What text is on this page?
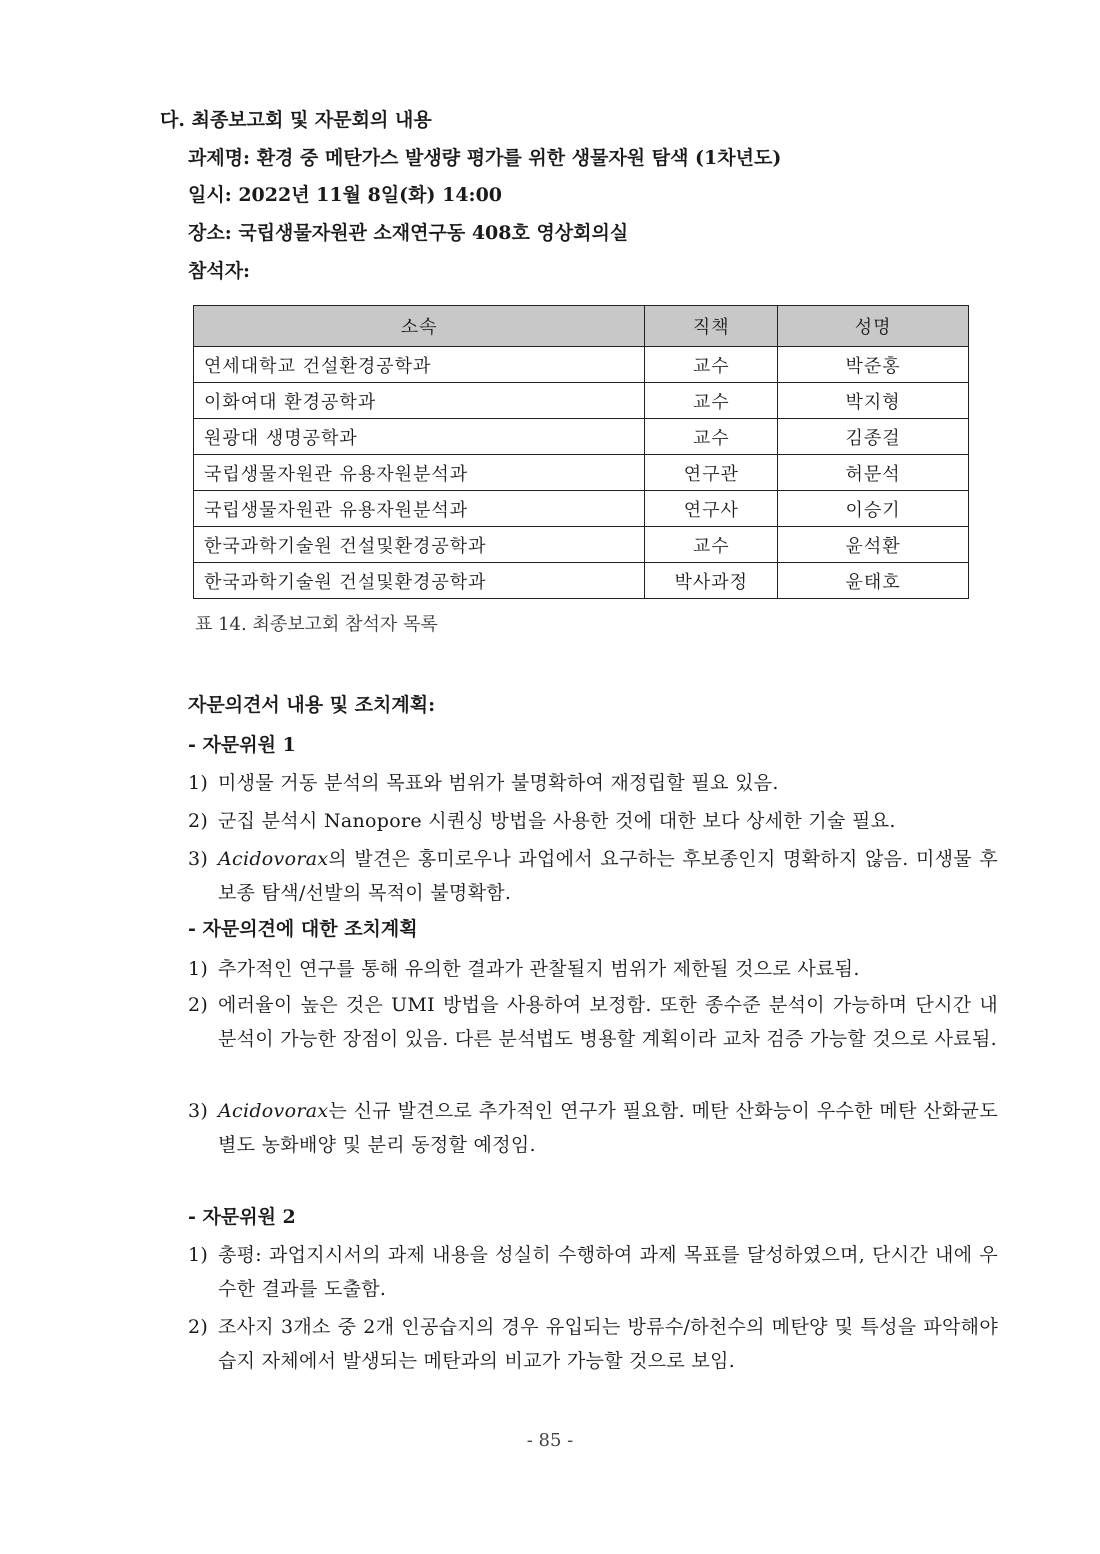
다. 최종보고회 및 자문회의 내용
과제명: 환경 중 메탄가스 발생량 평가를 위한 생물자원 탐색 (1차년도)
일시: 2022년 11월 8일(화) 14:00
장소: 국립생물자원관 소재연구동 408호 영상회의실
참석자:
소속	직책	성명
연세대학교 건설환경공학과	교수	박준홍
이화여대 환경공학과	교수	박지형
원광대 생명공학과	교수	김종걸
국립생물자원관 유용자원분석과	연구관	허문석
국립생물자원관 유용자원분석과	연구사	이승기
한국과학기술원 건설및환경공학과	교수	윤석환
한국과학기술원 건설및환경공학과	박사과정	윤태호
표 14. 최종보고회 참석자 목록
자문의견서 내용 및 조치계획:
- 자문위원 1
1) 미생물 거동 분석의 목표와 범위가 불명확하여 재정립할 필요 있음.
2) 군집 분석시 Nanopore 시퀀싱 방법을 사용한 것에 대한 보다 상세한 기술 필요.
3) Acidovorax의 발견은 홍미로우나 과업에서 요구하는 후보종인지 명확하지 않음. 미생물 후보종 탐색/선발의 목적이 불명확함.
- 자문의견에 대한 조치계획
1) 추가적인 연구를 통해 유의한 결과가 관찰될지 범위가 제한될 것으로 사료됨.
2) 에러율이 높은 것은 UMI 방법을 사용하여 보정함. 또한 종수준 분석이 가능하며 단시간 내 분석이 가능한 장점이 있음. 다른 분석법도 병용할 계획이라 교차 검증 가능할 것으로 사료됨.
3) Acidovorax는 신규 발견으로 추가적인 연구가 필요함. 메탄 산화능이 우수한 메탄 산화균도 별도 농화배양 및 분리 동정할 예정임.
- 자문위원 2
1) 총평: 과업지시서의 과제 내용을 성실히 수행하여 과제 목표를 달성하였으며, 단시간 내에 우수한 결과를 도출함.
2) 조사지 3개소 중 2개 인공습지의 경우 유입되는 방류수/하천수의 메탄양 및 특성을 파악해야 습지 자체에서 발생되는 메탄과의 비교가 가능할 것으로 보임.
- 85 -
